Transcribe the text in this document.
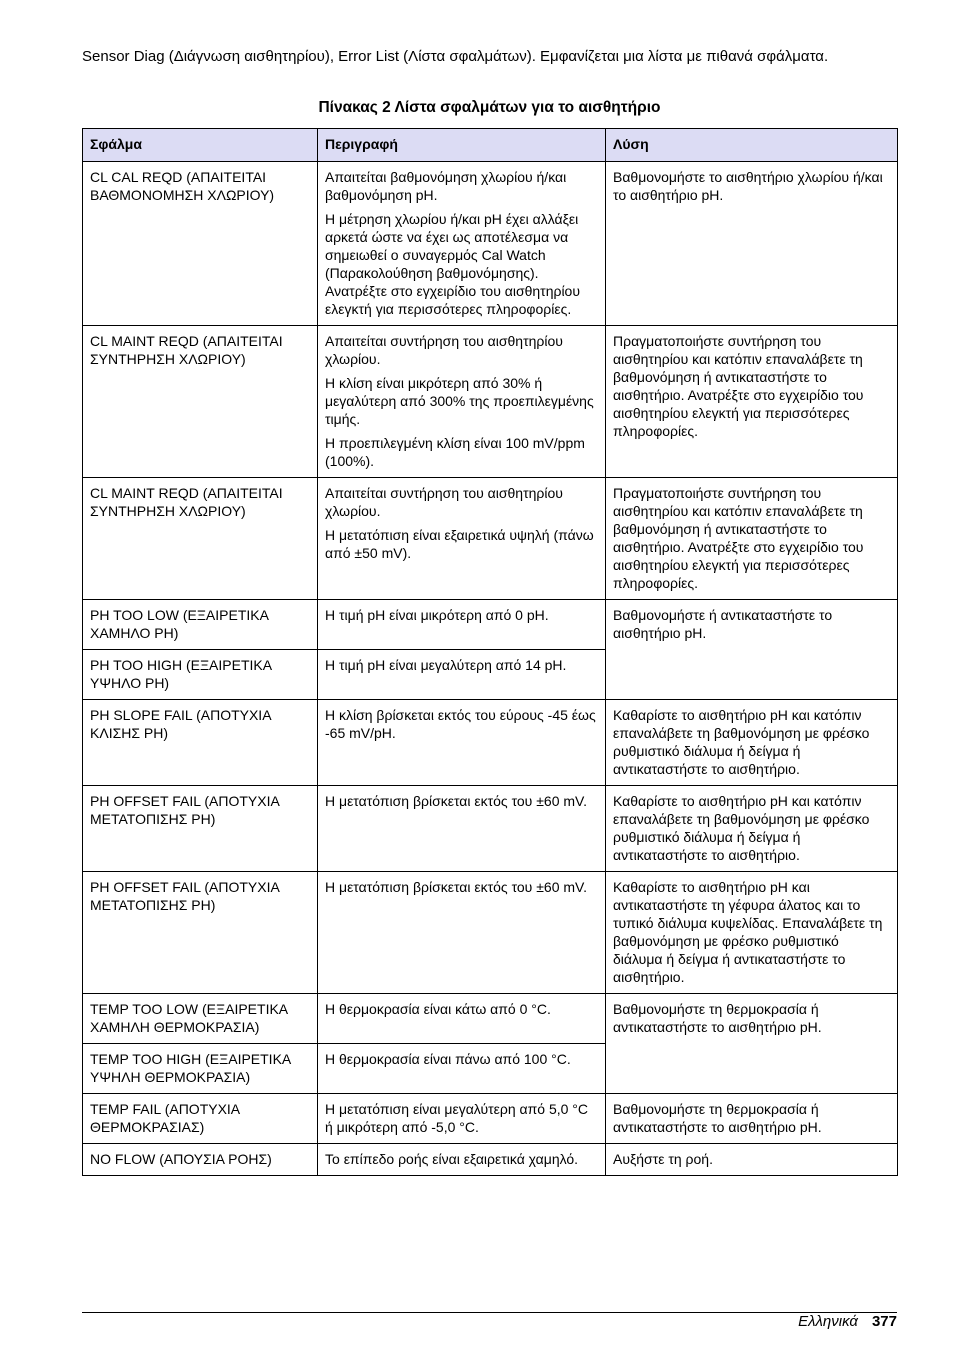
Sensor Diag (Διάγνωση αισθητηρίου), Error List (Λίστα σφαλμάτων). Εμφανίζεται μια λίστα με πιθανά σφάλματα.

Πίνακας 2 Λίστα σφαλμάτων για το αισθητήριο

Σφάλμα	Περιγραφή	Λύση
CL CAL REQD (ΑΠΑΙΤΕΙΤΑΙ ΒΑΘΜΟΝΟΜΗΣΗ ΧΛΩΡΙΟΥ)	Απαιτείται βαθμονόμηση χλωρίου ή/και βαθμονόμηση pH.

Η μέτρηση χλωρίου ή/και pH έχει αλλάξει αρκετά ώστε να έχει ως αποτέλεσμα να σημειωθεί ο συναγερμός Cal Watch (Παρακολούθηση βαθμονόμησης). Ανατρέξτε στο εγχειρίδιο του αισθητηρίου ελεγκτή για περισσότερες πληροφορίες.	Βαθμονομήστε το αισθητήριο χλωρίου ή/και το αισθητήριο pH.
CL MAINT REQD (ΑΠΑΙΤΕΙΤΑΙ ΣΥΝΤΗΡΗΣΗ ΧΛΩΡΙΟΥ)	Απαιτείται συντήρηση του αισθητηρίου χλωρίου.

Η κλίση είναι μικρότερη από 30% ή μεγαλύτερη από 300% της προεπιλεγμένης τιμής.

Η προεπιλεγμένη κλίση είναι 100 mV/ppm (100%).	Πραγματοποιήστε συντήρηση του αισθητηρίου και κατόπιν επαναλάβετε τη βαθμονόμηση ή αντικαταστήστε το αισθητήριο. Ανατρέξτε στο εγχειρίδιο του αισθητηρίου ελεγκτή για περισσότερες πληροφορίες.
CL MAINT REQD (ΑΠΑΙΤΕΙΤΑΙ ΣΥΝΤΗΡΗΣΗ ΧΛΩΡΙΟΥ)	Απαιτείται συντήρηση του αισθητηρίου χλωρίου.

Η μετατόπιση είναι εξαιρετικά υψηλή (πάνω από ±50 mV).	Πραγματοποιήστε συντήρηση του αισθητηρίου και κατόπιν επαναλάβετε τη βαθμονόμηση ή αντικαταστήστε το αισθητήριο. Ανατρέξτε στο εγχειρίδιο του αισθητηρίου ελεγκτή για περισσότερες πληροφορίες.
PH TOO LOW (ΕΞΑΙΡΕΤΙΚΑ ΧΑΜΗΛΟ PH)	Η τιμή pH είναι μικρότερη από 0 pH.	Βαθμονομήστε ή αντικαταστήστε το αισθητήριο pH.
PH TOO HIGH (ΕΞΑΙΡΕΤΙΚΑ ΥΨΗΛΟ PH)	Η τιμή pH είναι μεγαλύτερη από 14 pH.	

PH SLOPE FAIL (ΑΠΟΤΥΧΙΑ ΚΛΙΣΗΣ PH)	Η κλίση βρίσκεται εκτός του εύρους -45 έως -65 mV/pH.	Καθαρίστε το αισθητήριο pH και κατόπιν επαναλάβετε τη βαθμονόμηση με φρέσκο ρυθμιστικό διάλυμα ή δείγμα ή αντικαταστήστε το αισθητήριο.
PH OFFSET FAIL (ΑΠΟΤΥΧΙΑ ΜΕΤΑΤΟΠΙΣΗΣ PH)	Η μετατόπιση βρίσκεται εκτός του ±60 mV.	Καθαρίστε το αισθητήριο pH και κατόπιν επαναλάβετε τη βαθμονόμηση με φρέσκο ρυθμιστικό διάλυμα ή δείγμα ή αντικαταστήστε το αισθητήριο.
PH OFFSET FAIL (ΑΠΟΤΥΧΙΑ ΜΕΤΑΤΟΠΙΣΗΣ PH)	Η μετατόπιση βρίσκεται εκτός του ±60 mV.	Καθαρίστε το αισθητήριο pH και αντικαταστήστε τη γέφυρα άλατος και το τυπικό διάλυμα κυψελίδας. Επαναλάβετε τη βαθμονόμηση με φρέσκο ρυθμιστικό διάλυμα ή δείγμα ή αντικαταστήστε το αισθητήριο.
TEMP TOO LOW (ΕΞΑΙΡΕΤΙΚΑ ΧΑΜΗΛΗ ΘΕΡΜΟΚΡΑΣΙΑ)	Η θερμοκρασία είναι κάτω από 0 °C.	Βαθμονομήστε τη θερμοκρασία ή αντικαταστήστε το αισθητήριο pH.
TEMP TOO HIGH (ΕΞΑΙΡΕΤΙΚΑ ΥΨΗΛΗ ΘΕΡΜΟΚΡΑΣΙΑ)	Η θερμοκρασία είναι πάνω από 100 °C.	

TEMP FAIL (ΑΠΟΤΥΧΙΑ ΘΕΡΜΟΚΡΑΣΙΑΣ)	Η μετατόπιση είναι μεγαλύτερη από 5,0 °C ή μικρότερη από -5,0 °C.	Βαθμονομήστε τη θερμοκρασία ή αντικαταστήστε το αισθητήριο pH.
NO FLOW (ΑΠΟΥΣΙΑ ΡΟΗΣ)	Το επίπεδο ροής είναι εξαιρετικά χαμηλό.	Αυξήστε τη ροή.
Ελληνικά 377
